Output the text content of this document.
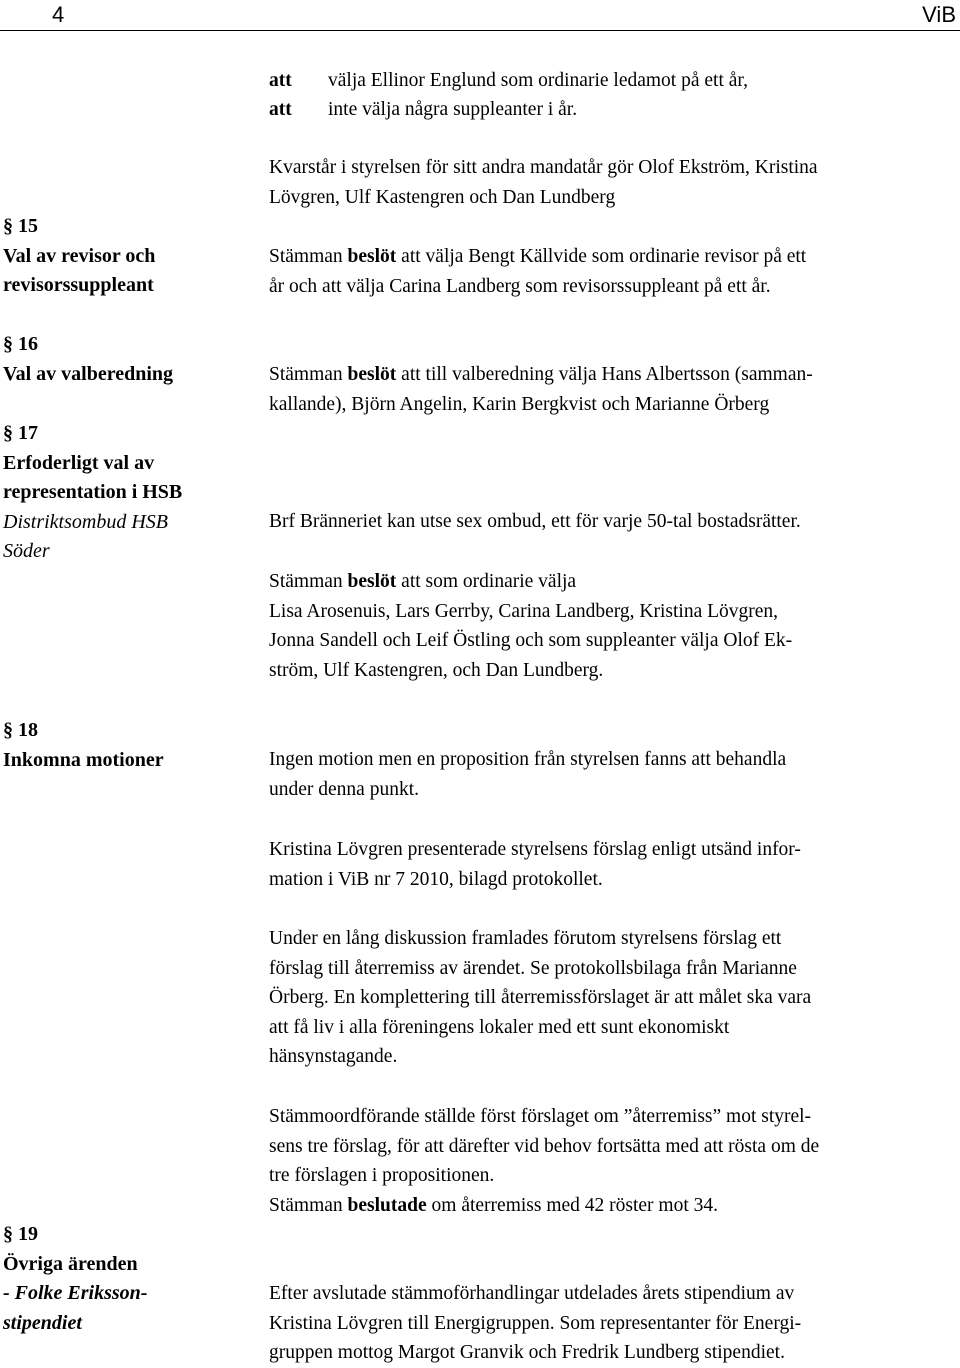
4	ViB
att välja Ellinor Englund som ordinarie ledamot på ett år,
att inte välja några suppleanter i år.
Kvarstår i styrelsen för sitt andra mandatår gör Olof Ekström, Kristina
Lövgren, Ulf Kastengren och Dan Lundberg
§ 15
Val av revisor och
revisorssuppleant
Stämman beslöt att välja Bengt Källvide som ordinarie revisor på ett
år och att välja Carina Landberg som revisorssuppleant på ett år.
§ 16
Val av valberedning	Stämman beslöt att till valberedning välja Hans Albertsson (samman-
kallande), Björn Angelin, Karin Bergkvist och Marianne Örberg
§ 17
Erfoderligt val av
representation i HSB
Distriktsombud HSB
Söder
Brf Bränneriet kan utse sex ombud, ett för varje 50-tal bostadsrätter.
Stämman beslöt att som ordinarie välja
Lisa Arosenuis, Lars Gerrby, Carina Landberg, Kristina Lövgren,
Jonna Sandell och Leif Östling och som suppleanter välja Olof Ek-
ström, Ulf Kastengren, och Dan Lundberg.
§ 18
Inkomna motioner	Ingen motion men en proposition från styrelsen fanns att behandla
under denna punkt.
Kristina Lövgren presenterade styrelsens förslag enligt utsänd infor-
mation i ViB nr 7 2010, bilagd protokollet.
Under en lång diskussion framlades förutom styrelsens förslag ett
förslag till återremiss av ärendet. Se protokollsbilaga från Marianne
Örberg. En komplettering till återremissförslaget är att målet ska vara
att få liv i alla föreningens lokaler med ett sunt ekonomiskt
hänsynstagande.
Stämmoordförande ställde först förslaget om ”återremiss” mot styrel-
sens tre förslag, för att därefter vid behov fortsätta med att rösta om de
tre förslagen i propositionen.
Stämman beslutade om återremiss med 42 röster mot 34.
§ 19
Övriga ärenden
- Folke Eriksson-
stipendiet
Efter avslutade stämmoförhandlingar utdelades årets stipendium av
Kristina Lövgren till Energigruppen. Som representanter för Energi-
gruppen mottog Margot Granvik och Fredrik Lundberg stipendiet.
